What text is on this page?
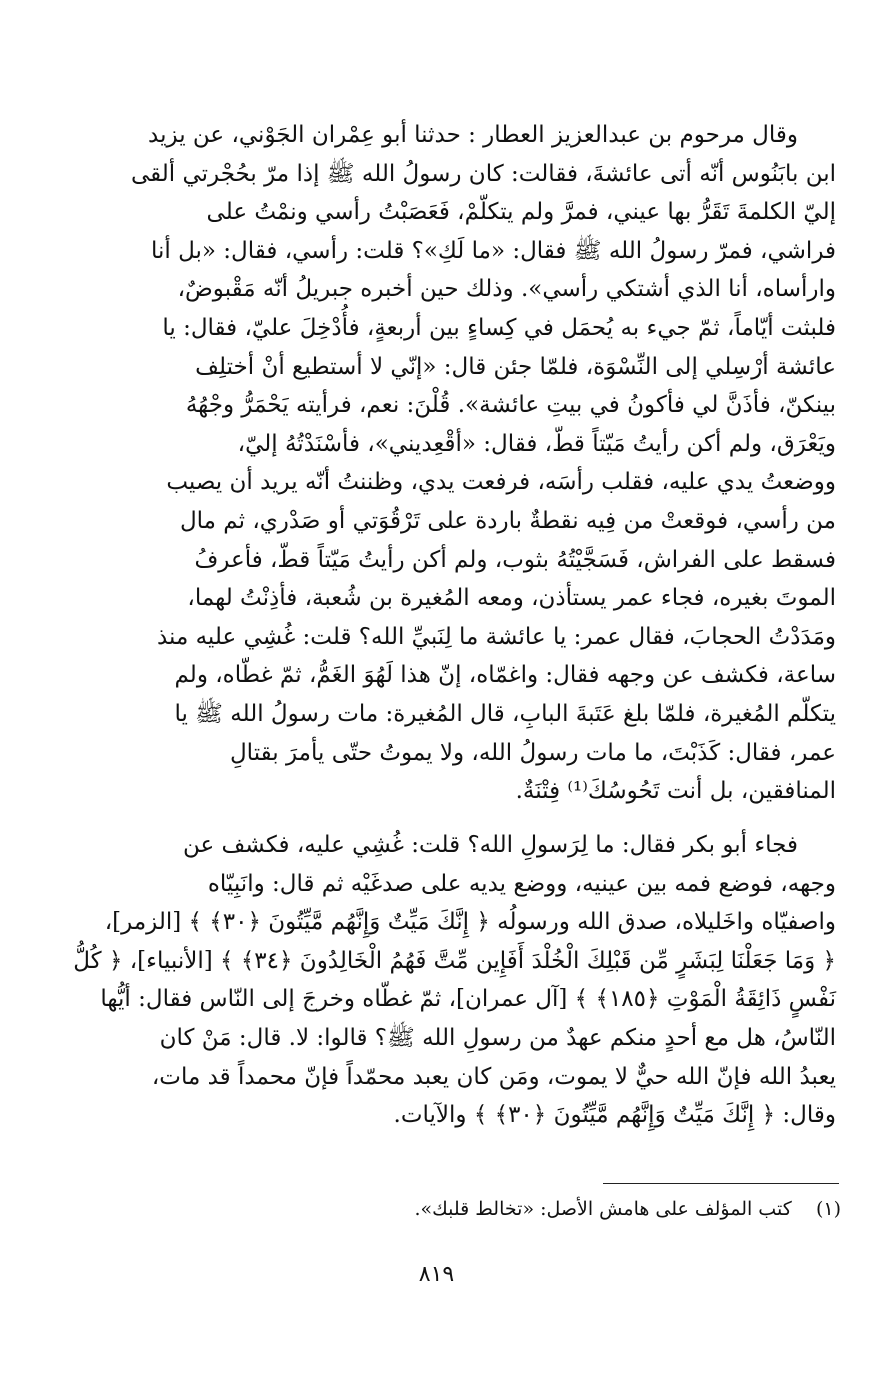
وقال مرحوم بن عبدالعزيز العطار : حدثنا أبو عِمْران الجَوْني، عن يزيد
ابن بابَنُوس أنّه أتى عائشةَ، فقالت: كان رسولُ الله ﷺ إذا مرّ بحُجْرتي ألقى
إليّ الكلمةَ تَقَرُّ بها عيني، فمرَّ ولم يتكلّمْ، فَعَصَبْتُ رأسي ونمْتُ على
فراشي، فمرّ رسولُ الله ﷺ فقال: «ما لَكِ»؟ قلت: رأسي، فقال: «بل أنا
وارأساه، أنا الذي أشتكي رأسي». وذلك حين أخبره جبريلُ أنّه مَقْبوضٌ،
فلبثت أيّاماً، ثمّ جيء به يُحمَل في كِساءٍ بين أربعةٍ، فأُدْخِلَ عليّ، فقال: يا
عائشة أرْسِلي إلى النِّسْوَة، فلمّا جئن قال: «إنّي لا أستطيع أنْ أختلِف
بينكنّ، فأذَنَّ لي فأكونُ في بيتِ عائشة». قُلْنَ: نعم، فرأيته يَحْمَرُّ وجْهُهُ
ويَعْرَق، ولم أكن رأيتُ مَيّتاً قطّ، فقال: «أقْعِديني»، فأسْنَدْتُهُ إليّ،
ووضعتُ يدي عليه، فقلب رأسَه، فرفعت يدي، وظننتُ أنّه يريد أن يصيب
من رأسي، فوقعتْ من فِيه نقطةٌ باردة على تَرْقُوَتي أو صَدْري، ثم مال
فسقط على الفراش، فَسَجَّيْتُهُ بثوب، ولم أكن رأيتُ مَيّتاً قطّ، فأعرفُ
الموتَ بغيره، فجاء عمر يستأذن، ومعه المُغيرة بن شُعبة، فأذِنْتُ لهما،
ومَدَدْتُ الحجابَ، فقال عمر: يا عائشة ما لِنَبيِّ الله؟ قلت: غُشِي عليه منذ
ساعة، فكشف عن وجهه فقال: واغمّاه، إنّ هذا لَهُوَ الغَمُّ، ثمّ غطّاه، ولم
يتكلّم المُغيرة، فلمّا بلغ عَتَبةَ البابِ، قال المُغيرة: مات رسولُ الله ﷺ يا
عمر، فقال: كَذَبْتَ، ما مات رسولُ الله، ولا يموتُ حتّى يأمرَ بقتالِ
المنافقين، بل أنت تَحُوسُكَ⁽¹⁾ فِتْنَةٌ.
فجاء أبو بكر فقال: ما لِرَسولِ الله؟ قلت: غُشِي عليه، فكشف عن
وجهه، فوضع فمه بين عينيه، ووضع يديه على صدغَيْه ثم قال: وانَبِيّاه
واصفيّاه واخَليلاه، صدق الله ورسولُه ﴿ إِنَّكَ مَيِّتٌ وَإِنَّهُم مَّيِّتُونَ ﴿٣٠﴾ ﴾ [الزمر]،
﴿ وَمَا جَعَلْنَا لِبَشَرٍ مِّن قَبْلِكَ الْخُلْدَ أَفَإِين مِّتَّ فَهُمُ الْخَالِدُونَ ﴿٣٤﴾ ﴾ [الأنبياء]، ﴿ كُلُّ
نَفْسٍ ذَائِقَةُ الْمَوْتِ ﴿١٨٥﴾ ﴾ [آل عمران]، ثمّ غطّاه وخرجَ إلى النّاس فقال: أيُّها
النّاسُ، هل مع أحدٍ منكم عهدٌ من رسولِ الله ﷺ؟ قالوا: لا. قال: مَنْ كان
يعبدُ الله فإنّ الله حيٌّ لا يموت، ومَن كان يعبد محمّداً فإنّ محمداً قد مات،
وقال: ﴿ إِنَّكَ مَيِّتٌ وَإِنَّهُم مَّيِّتُونَ ﴿٣٠﴾ ﴾ والآيات.
(١)    كتب المؤلف على هامش الأصل: «تخالط قلبك».
٨١٩
